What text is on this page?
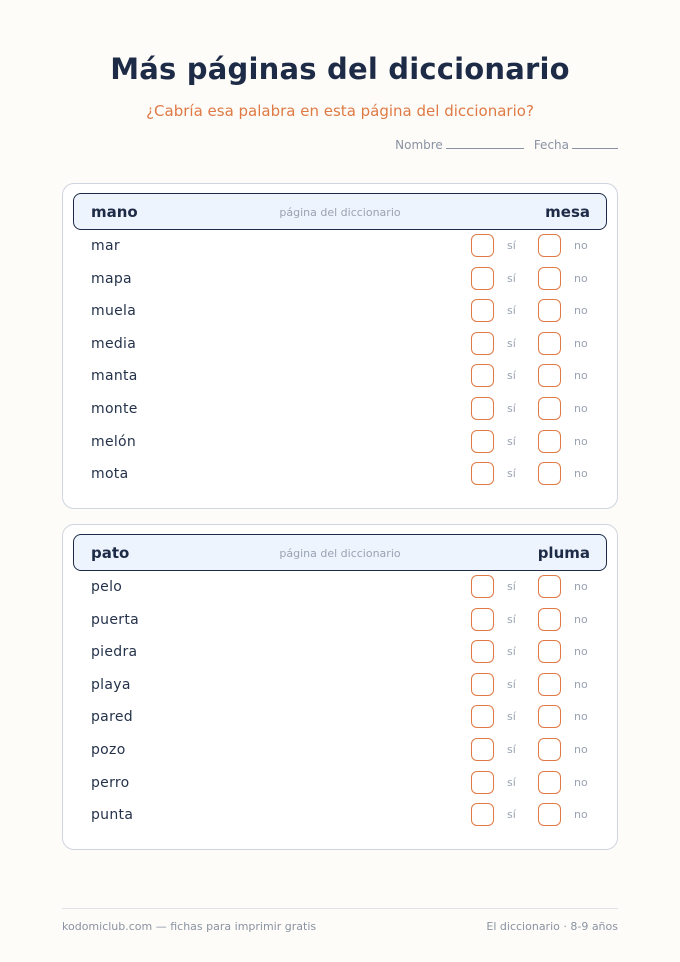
Más páginas del diccionario
¿Cabría esa palabra en esta página del diccionario?
Nombre	Fecha
mano	página del diccionario	mesa
mar	sí	no
mapa	sí	no
muela	sí	no
media	sí	no
manta	sí	no
monte	sí	no
melón	sí	no
mota	sí	no
pato	página del diccionario	pluma
pelo	sí	no
puerta	sí	no
piedra	sí	no
playa	sí	no
pared	sí	no
pozo	sí	no
perro	sí	no
punta	sí	no
kodomiclub.com — fichas para imprimir gratis	El diccionario · 8-9 años
